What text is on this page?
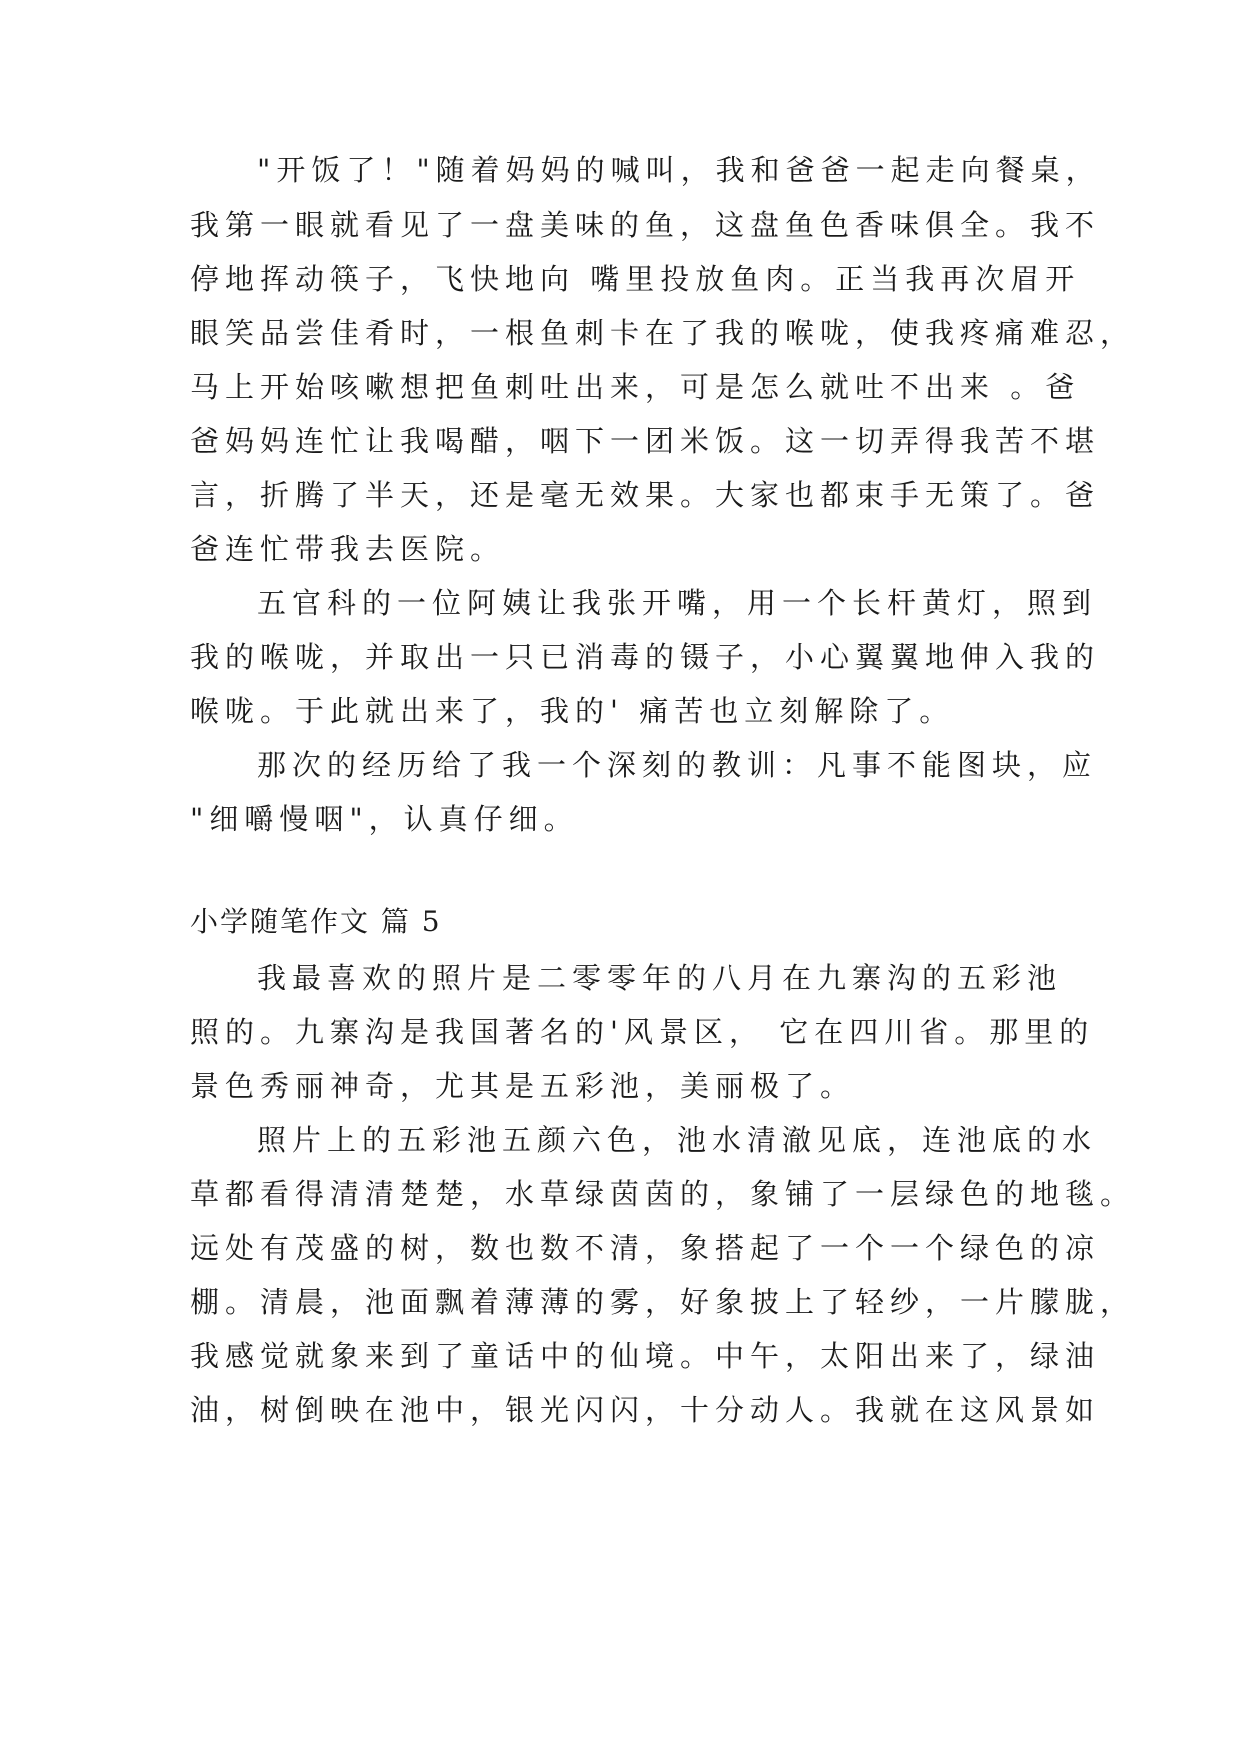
"开饭了！"随着妈妈的喊叫，我和爸爸一起走向餐桌，
我第一眼就看见了一盘美味的鱼，这盘鱼色香味俱全。我不
停地挥动筷子，飞快地向 嘴里投放鱼肉。正当我再次眉开
眼笑品尝佳肴时，一根鱼刺卡在了我的喉咙，使我疼痛难忍，
马上开始咳嗽想把鱼刺吐出来，可是怎么就吐不出来 。爸
爸妈妈连忙让我喝醋，咽下一团米饭。这一切弄得我苦不堪
言，折腾了半天，还是毫无效果。大家也都束手无策了。爸
爸连忙带我去医院。
五官科的一位阿姨让我张开嘴，用一个长杆黄灯，照到
我的喉咙，并取出一只已消毒的镊子，小心翼翼地伸入我的
喉咙。于此就出来了，我的' 痛苦也立刻解除了。
那次的经历给了我一个深刻的教训：凡事不能图块，应
"细嚼慢咽"，认真仔细。
小学随笔作文 篇 5
我最喜欢的照片是二零零年的八月在九寨沟的五彩池
照的。九寨沟是我国著名的'风景区， 它在四川省。那里的
景色秀丽神奇，尤其是五彩池，美丽极了。
照片上的五彩池五颜六色，池水清澈见底，连池底的水
草都看得清清楚楚，水草绿茵茵的，象铺了一层绿色的地毯。
远处有茂盛的树，数也数不清，象搭起了一个一个绿色的凉
棚。清晨，池面飘着薄薄的雾，好象披上了轻纱，一片朦胧，
我感觉就象来到了童话中的仙境。中午，太阳出来了，绿油
油，树倒映在池中，银光闪闪，十分动人。我就在这风景如
